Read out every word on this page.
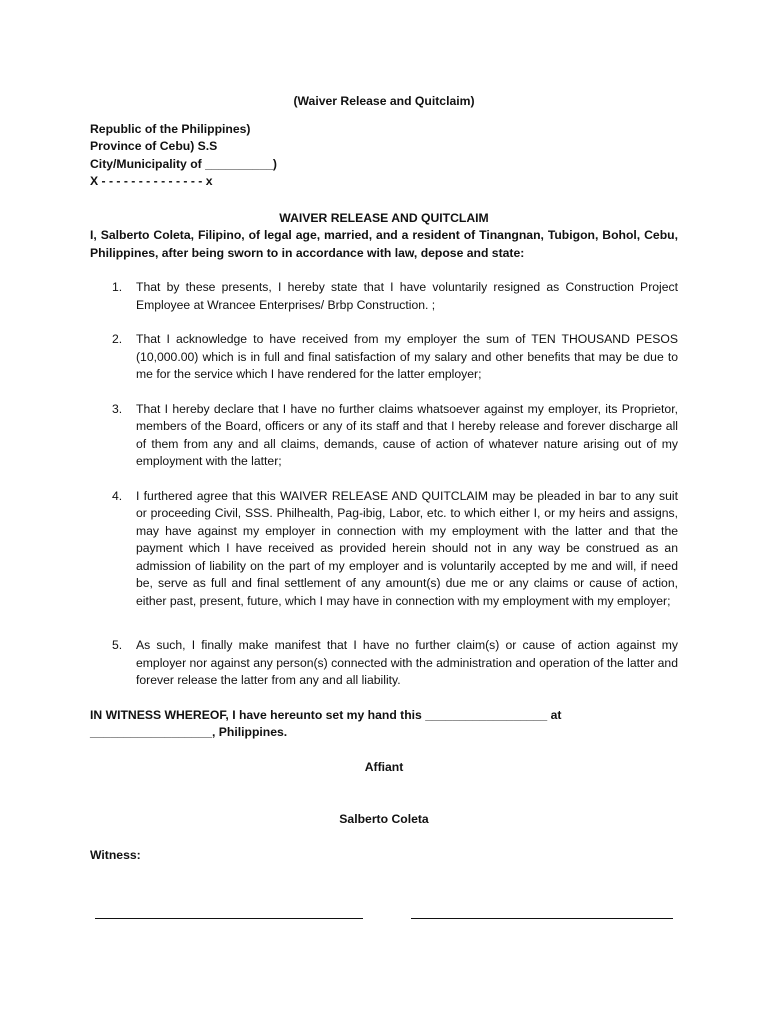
(Waiver Release and Quitclaim)
Republic of the Philippines)
Province of Cebu) S.S
City/Municipality of __________)
X - - - - - - - - - - - - - - x
WAIVER RELEASE AND QUITCLAIM

I, Salberto Coleta, Filipino, of legal age, married, and a resident of Tinangnan, Tubigon, Bohol, Cebu, Philippines, after being sworn to in accordance with law, depose and state:

1. That by these presents, I hereby state that I have voluntarily resigned as Construction Project Employee at Wrancee Enterprises/ Brbp Construction. ;
2. That I acknowledge to have received from my employer the sum of TEN THOUSAND PESOS (10,000.00) which is in full and final satisfaction of my salary and other benefits that may be due to me for the service which I have rendered for the latter employer;
3. That I hereby declare that I have no further claims whatsoever against my employer, its Proprietor, members of the Board, officers or any of its staff and that I hereby release and forever discharge all of them from any and all claims, demands, cause of action of whatever nature arising out of my employment with the latter;
4. I furthered agree that this WAIVER RELEASE AND QUITCLAIM may be pleaded in bar to any suit or proceeding Civil, SSS. Philhealth, Pag-ibig, Labor, etc. to which either I, or my heirs and assigns, may have against my employer in connection with my employment with the latter and that the payment which I have received as provided herein should not in any way be construed as an admission of liability on the part of my employer and is voluntarily accepted by me and will, if need be, serve as full and final settlement of any amount(s) due me or any claims or cause of action, either past, present, future, which I may have in connection with my employment with my employer;
5. As such, I finally make manifest that I have no further claim(s) or cause of action against my employer nor against any person(s) connected with the administration and operation of the latter and forever release the latter from any and all liability.

IN WITNESS WHEREOF, I have hereunto set my hand this __________________ at __________________, Philippines.

Affiant
Salberto Coleta
Witness:
